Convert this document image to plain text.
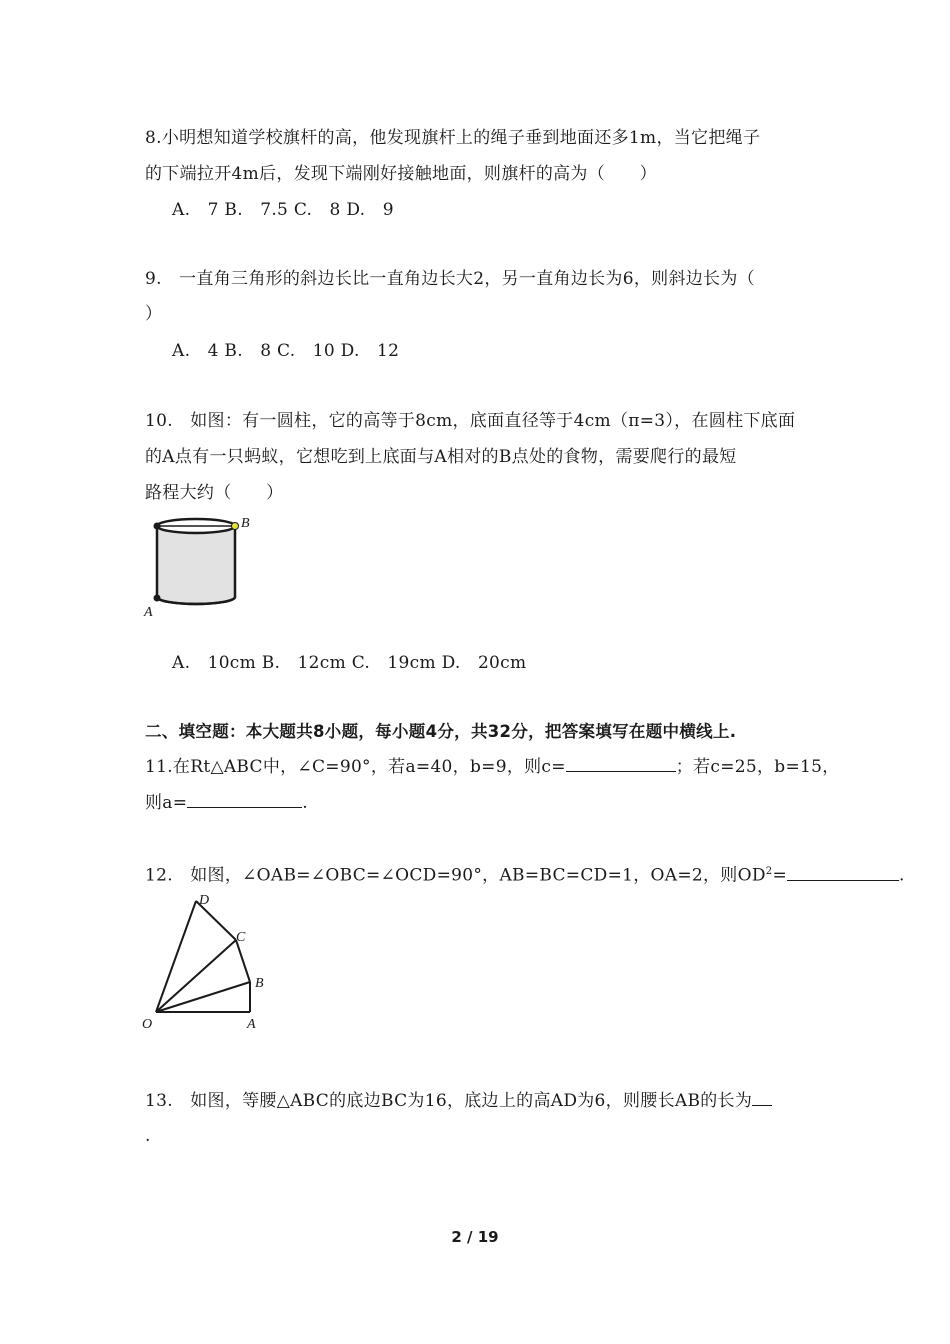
8.小明想知道学校旗杆的高，他发现旗杆上的绳子垂到地面还多1m，当它把绳子
的下端拉开4m后，发现下端刚好接触地面，则旗杆的高为（　　）
A.　7 B.　7.5 C.　8 D.　9
9.　一直角三角形的斜边长比一直角边长大2，另一直角边长为6，则斜边长为（
）
A.　4 B.　8 C.　10 D.　12
10.　如图：有一圆柱，它的高等于8cm，底面直径等于4cm（π=3），在圆柱下底面
的A点有一只蚂蚁，它想吃到上底面与A相对的B点处的食物，需要爬行的最短
路程大约（　　）
B
A
A.　10cm B.　12cm C.　19cm D.　20cm
二、填空题：本大题共8小题，每小题4分，共32分，把答案填写在题中横线上.
11.在Rt△ABC中，∠C=90°，若a=40，b=9，则c=	；若c=25，b=15，
则a=	.
12.　如图，∠OAB=∠OBC=∠OCD=90°，AB=BC=CD=1，OA=2，则$OD^2=$	.
O	A
B
C
D
13.　如图，等腰△ABC的底边BC为16，底边上的高AD为6，则腰长AB的长为
.
2 / 19
